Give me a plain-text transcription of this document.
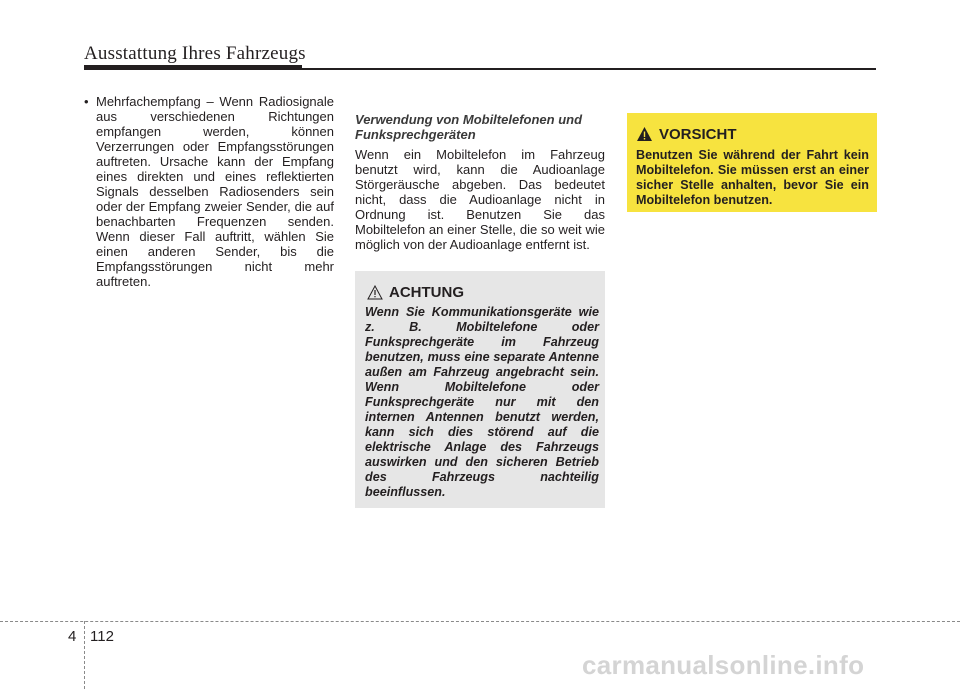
Ausstattung Ihres Fahrzeugs
• Mehrfachempfang – Wenn Radiosignale aus verschiedenen Richtungen empfangen werden, können Verzerrungen oder Empfangsstörungen auftreten. Ursache kann der Empfang eines direkten und eines reflektierten Signals desselben Radiosenders sein oder der Empfang zweier Sender, die auf benachbarten Frequenzen senden. Wenn dieser Fall auftritt, wählen Sie einen anderen Sender, bis die Empfangsstörungen nicht mehr auftreten.
Verwendung von Mobiltelefonen und Funksprechgeräten

Wenn ein Mobiltelefon im Fahrzeug benutzt wird, kann die Audioanlage Störgeräusche abgeben. Das bedeutet nicht, dass die Audioanlage nicht in Ordnung ist. Benutzen Sie das Mobiltelefon an einer Stelle, die so weit wie möglich von der Audioanlage entfernt ist.

ACHTUNG
Wenn Sie Kommunikationsgeräte wie z. B. Mobiltelefone oder Funksprechgeräte im Fahrzeug benutzen, muss eine separate Antenne außen am Fahrzeug angebracht sein. Wenn Mobiltelefone oder Funksprechgeräte nur mit den internen Antennen benutzt werden, kann sich dies störend auf die elektrische Anlage des Fahrzeugs auswirken und den sicheren Betrieb des Fahrzeugs nachteilig beeinflussen.
VORSICHT
Benutzen Sie während der Fahrt kein Mobiltelefon. Sie müssen erst an einer sicher Stelle anhalten, bevor Sie ein Mobiltelefon benutzen.
4 112
carmanualsonline.info
